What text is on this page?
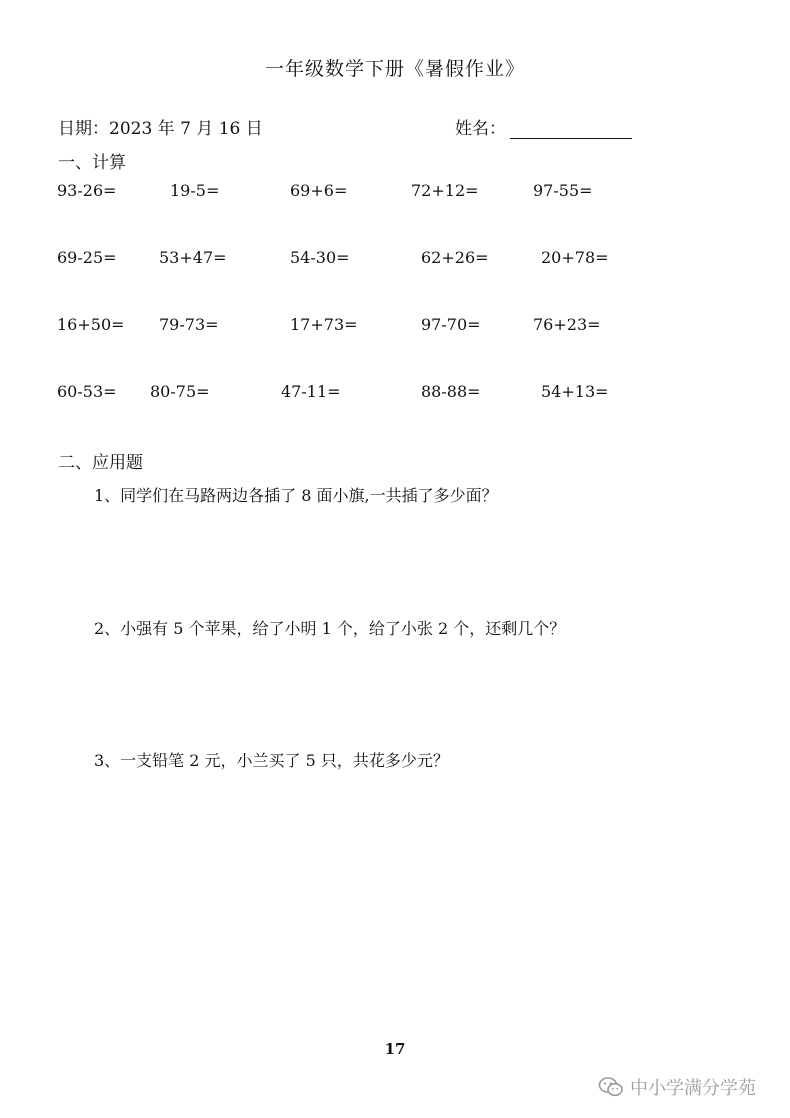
一年级数学下册《暑假作业》
日期：2023 年 7 月 16 日	姓名：
一、计算
93-26=	19-5=	69+6=	72+12=	97-55=
69-25=	53+47=	54-30=	62+26=	20+78=
16+50= 79-73=	17+73=	97-70=	76+23=
60-53= 80-75=	47-11=	88-88=	54+13=
二、应用题
1、同学们在马路两边各插了 8 面小旗,一共插了多少面？
2、小强有 5 个苹果，给了小明 1 个，给了小张 2 个，还剩几个？
3、一支铅笔 2 元，小兰买了 5 只，共花多少元？
17
中小学满分学苑
